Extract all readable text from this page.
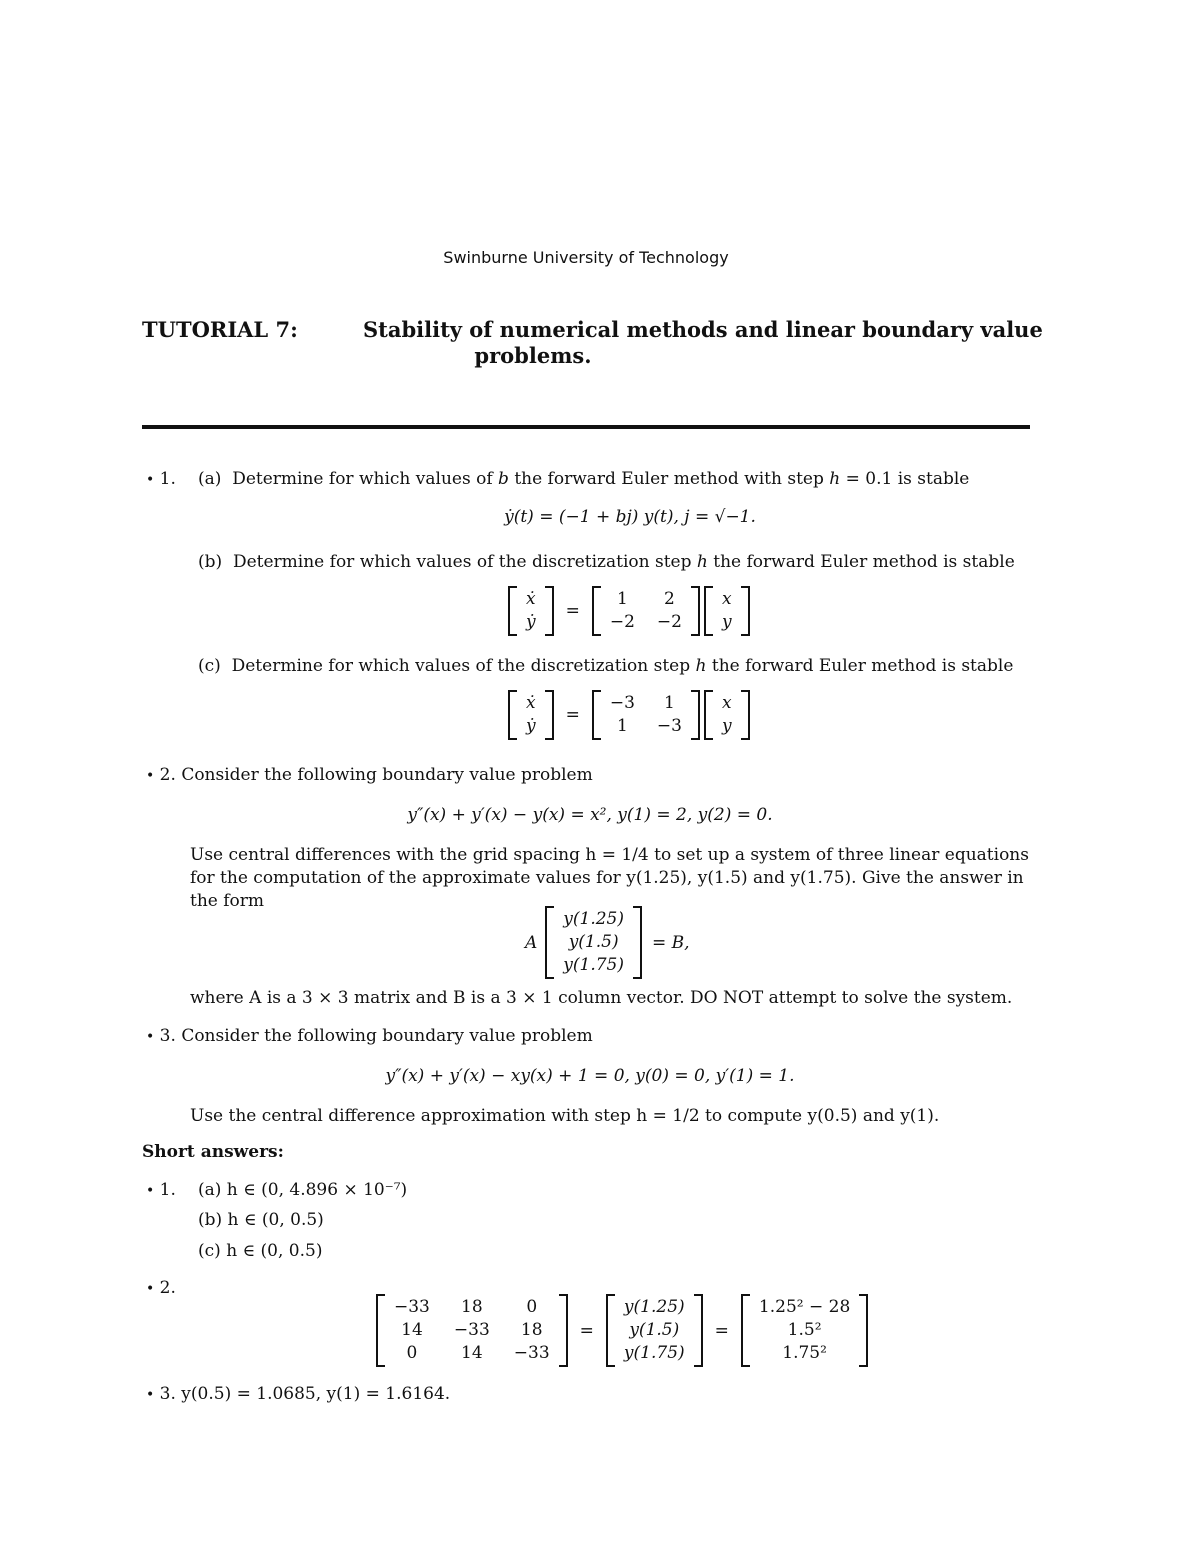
Swinburne University of Technology
TUTORIAL 7:	Stability of numerical methods and linear boundary value
problems.
• 1. (a) Determine for which values of b the forward Euler method with step h = 0.1 is stable
ẏ(t) = (−1 + bj) y(t), j = √−1.
(b) Determine for which values of the discretization step h the forward Euler method is stable
ẋ
ẏ
=
1	2
−2 −2
x
y
(c) Determine for which values of the discretization step h the forward Euler method is stable
ẋ
ẏ
=
−3	1
1	−3
x
y
• 2. Consider the following boundary value problem
y″(x) + y′(x) − y(x) = x², y(1) = 2, y(2) = 0.
Use central differences with the grid spacing h = 1/4 to set up a system of three linear equations
for the computation of the approximate values for y(1.25), y(1.5) and y(1.75). Give the answer in
the form
A
y(1.25)
y(1.5)
y(1.75)
= B,
where A is a 3 × 3 matrix and B is a 3 × 1 column vector. DO NOT attempt to solve the system.
• 3. Consider the following boundary value problem
y″(x) + y′(x) − xy(x) + 1 = 0, y(0) = 0, y′(1) = 1.
Use the central difference approximation with step h = 1/2 to compute y(0.5) and y(1).
Short answers:
• 1. (a) h ∈ (0, 4.896 × 10⁻⁷)
(b) h ∈ (0, 0.5)
(c) h ∈ (0, 0.5)
• 2.
−33	18	0
14	−33	18
0	14	−33
=
y(1.25)
y(1.5)
y(1.75)
=
1.25² − 28
1.5²
1.75²
• 3. y(0.5) = 1.0685, y(1) = 1.6164.
